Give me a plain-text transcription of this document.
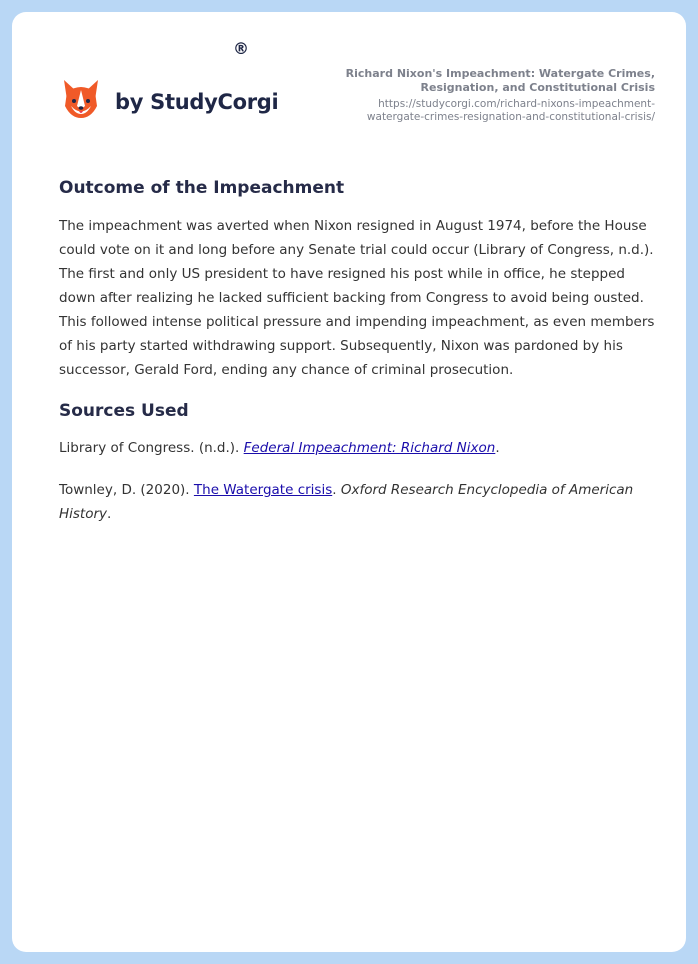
by StudyCorgi
®
Richard Nixon's Impeachment: Watergate Crimes,
Resignation, and Constitutional Crisis
https://studycorgi.com/richard-nixons-impeachment-
watergate-crimes-resignation-and-constitutional-crisis/
Outcome of the Impeachment

The impeachment was averted when Nixon resigned in August 1974, before the House could vote on it and long before any Senate trial could occur (Library of Congress, n.d.). The first and only US president to have resigned his post while in office, he stepped down after realizing he lacked sufficient backing from Congress to avoid being ousted. This followed intense political pressure and impending impeachment, as even members of his party started withdrawing support. Subsequently, Nixon was pardoned by his successor, Gerald Ford, ending any chance of criminal prosecution.

Sources Used

Library of Congress. (n.d.). Federal Impeachment: Richard Nixon.

Townley, D. (2020). The Watergate crisis. Oxford Research Encyclopedia of American History.
